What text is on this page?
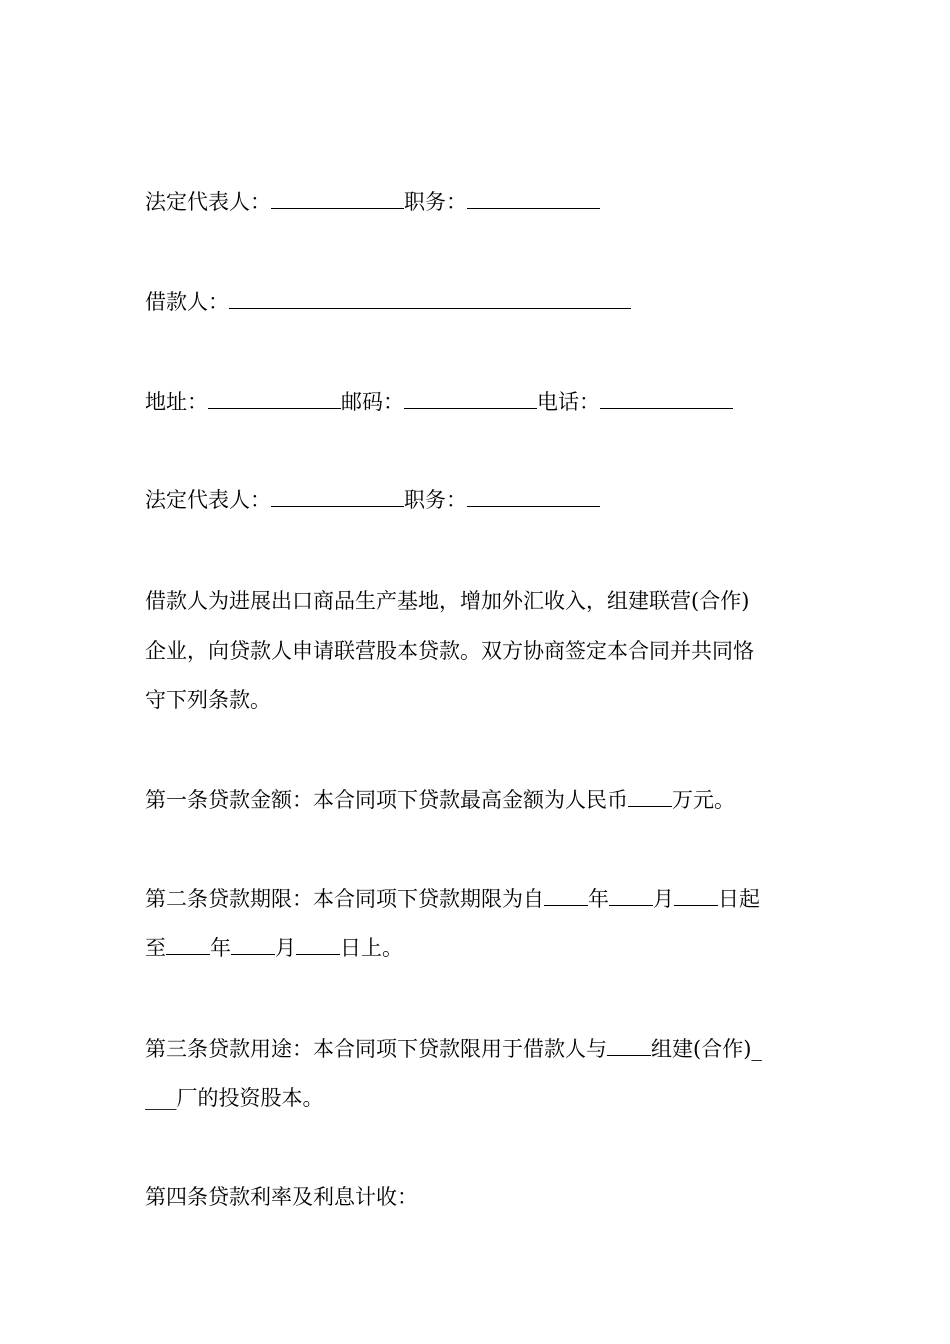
法定代表人：	职务：
借款人：
地址：	邮码：	电话：
法定代表人：	职务：
借款人为进展出口商品生产基地，增加外汇收入，组建联营(合作)
企业，向贷款人申请联营股本贷款。双方协商签定本合同并共同恪
守下列条款。
第一条贷款金额：本合同项下贷款最高金额为人民币 万元。
第二条贷款期限：本合同项下贷款期限为自 年 月 日起
至 年 月 日上。
第三条贷款用途：本合同项下贷款限用于借款人与 组建(合作)_
___厂的投资股本。
第四条贷款利率及利息计收：
